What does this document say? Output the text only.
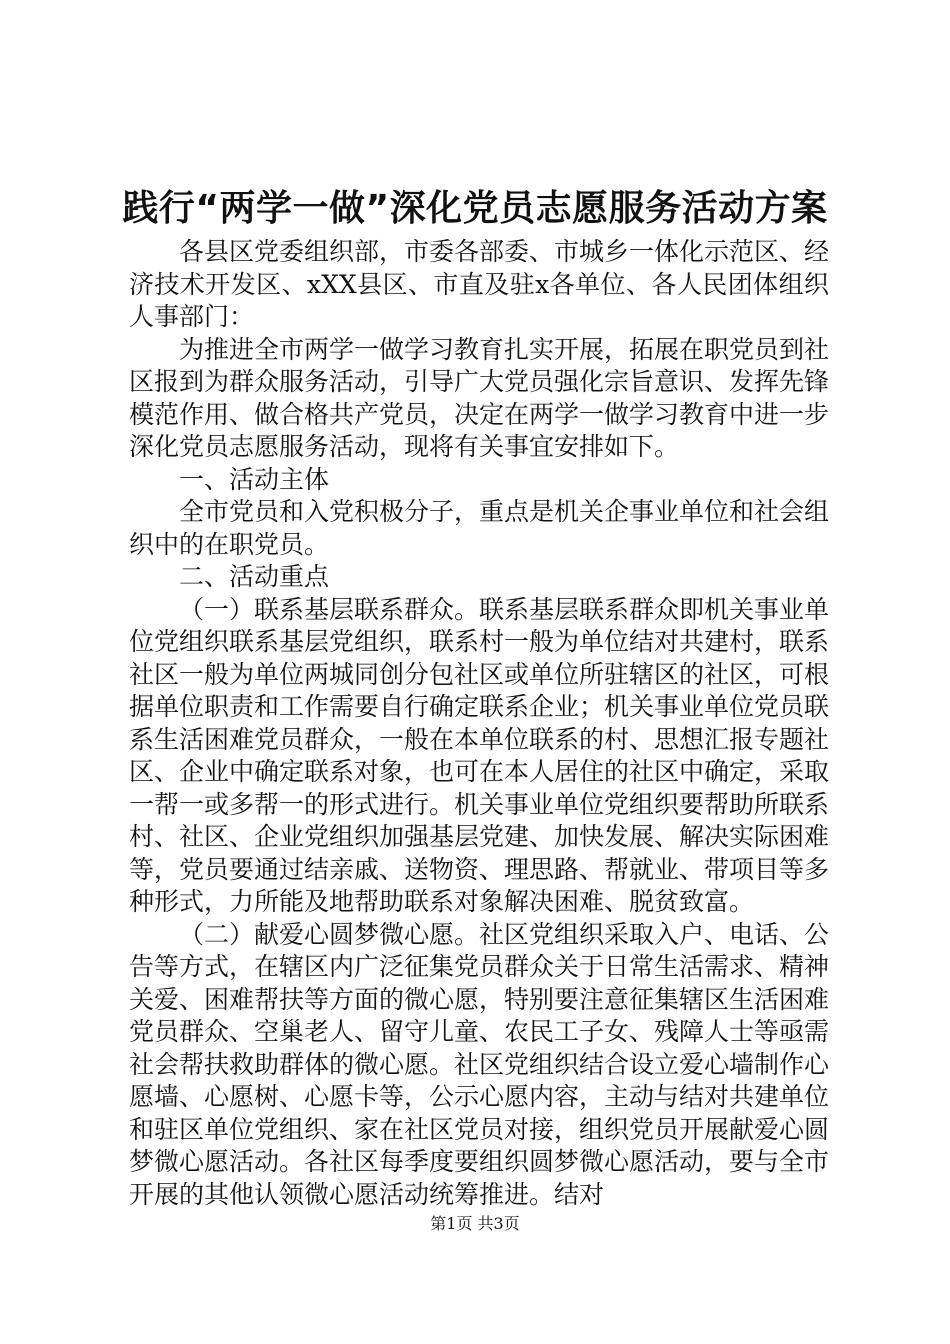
践行“两学一做”深化党员志愿服务活动方案

各县区党委组织部，市委各部委、市城乡一体化示范区、经济技术开发区、xXX县区、市直及驻x各单位、各人民团体组织人事部门：

为推进全市两学一做学习教育扎实开展，拓展在职党员到社区报到为群众服务活动，引导广大党员强化宗旨意识、发挥先锋模范作用、做合格共产党员，决定在两学一做学习教育中进一步深化党员志愿服务活动，现将有关事宜安排如下。

一、活动主体

全市党员和入党积极分子，重点是机关企事业单位和社会组织中的在职党员。

二、活动重点

（一）联系基层联系群众。联系基层联系群众即机关事业单位党组织联系基层党组织，联系村一般为单位结对共建村，联系社区一般为单位两城同创分包社区或单位所驻辖区的社区，可根据单位职责和工作需要自行确定联系企业；机关事业单位党员联系生活困难党员群众，一般在本单位联系的村、思想汇报专题社区、企业中确定联系对象，也可在本人居住的社区中确定，采取一帮一或多帮一的形式进行。机关事业单位党组织要帮助所联系村、社区、企业党组织加强基层党建、加快发展、解决实际困难等，党员要通过结亲戚、送物资、理思路、帮就业、带项目等多种形式，力所能及地帮助联系对象解决困难、脱贫致富。

（二）献爱心圆梦微心愿。社区党组织采取入户、电话、公告等方式，在辖区内广泛征集党员群众关于日常生活需求、精神关爱、困难帮扶等方面的微心愿，特别要注意征集辖区生活困难党员群众、空巢老人、留守儿童、农民工子女、残障人士等亟需社会帮扶救助群体的微心愿。社区党组织结合设立爱心墙制作心愿墙、心愿树、心愿卡等，公示心愿内容，主动与结对共建单位和驻区单位党组织、家在社区党员对接，组织党员开展献爱心圆梦微心愿活动。各社区每季度要组织圆梦微心愿活动，要与全市开展的其他认领微心愿活动统筹推进。结对

第1页 共3页
